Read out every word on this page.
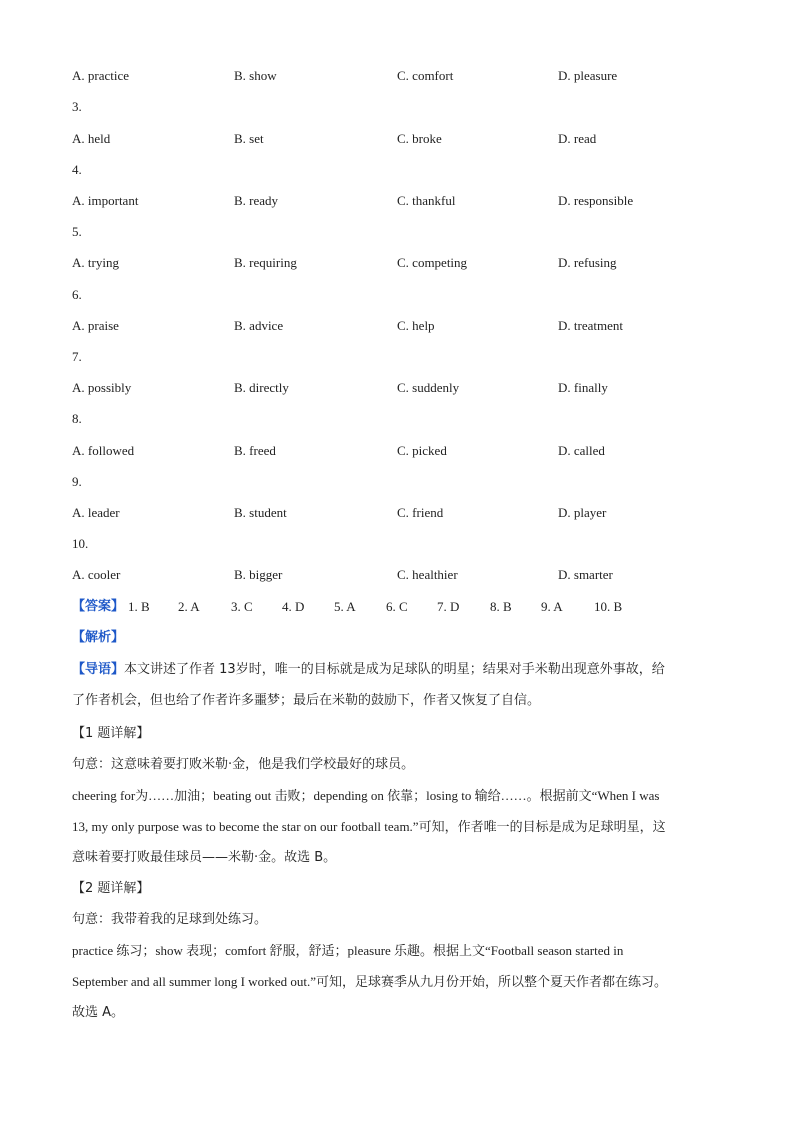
A. practice	B. show	C. comfort	D. pleasure
3.
A. held	B. set	C. broke	D. read
4.
A. important	B. ready	C. thankful	D. responsible
5.
A. trying	B. requiring	C. competing	D. refusing
6.
A. praise	B. advice	C. help	D. treatment
7.
A. possibly	B. directly	C. suddenly	D. finally
8.
A. followed	B. freed	C. picked	D. called
9.
A. leader	B. student	C. friend	D. player
10.
A. cooler	B. bigger	C. healthier	D. smarter
【答案】 1. B 2. A 3. C 4. D 5. A 6. C 7. D 8. B 9. A 10. B
【解析】
【导语】本文讲述了作者 13岁时，唯一的目标就是成为足球队的明星；结果对手米勒出现意外事故，给
了作者机会，但也给了作者许多噩梦；最后在米勒的鼓励下，作者又恢复了自信。
【1 题详解】
句意：这意味着要打败米勒·金，他是我们学校最好的球员。
cheering for为……加油；beating out 击败；depending on 依靠；losing to 输给……。根据前文“When I was
13, my only purpose was to become the star on our football team.”可知，作者唯一的目标是成为足球明星，这
意味着要打败最佳球员——米勒·金。故选 B。
【2 题详解】
句意：我带着我的足球到处练习。
practice 练习；show 表现；comfort 舒服，舒适；pleasure 乐趣。根据上文“Football season started in
September and all summer long I worked out.”可知，足球赛季从九月份开始，所以整个夏天作者都在练习。
故选 A。
